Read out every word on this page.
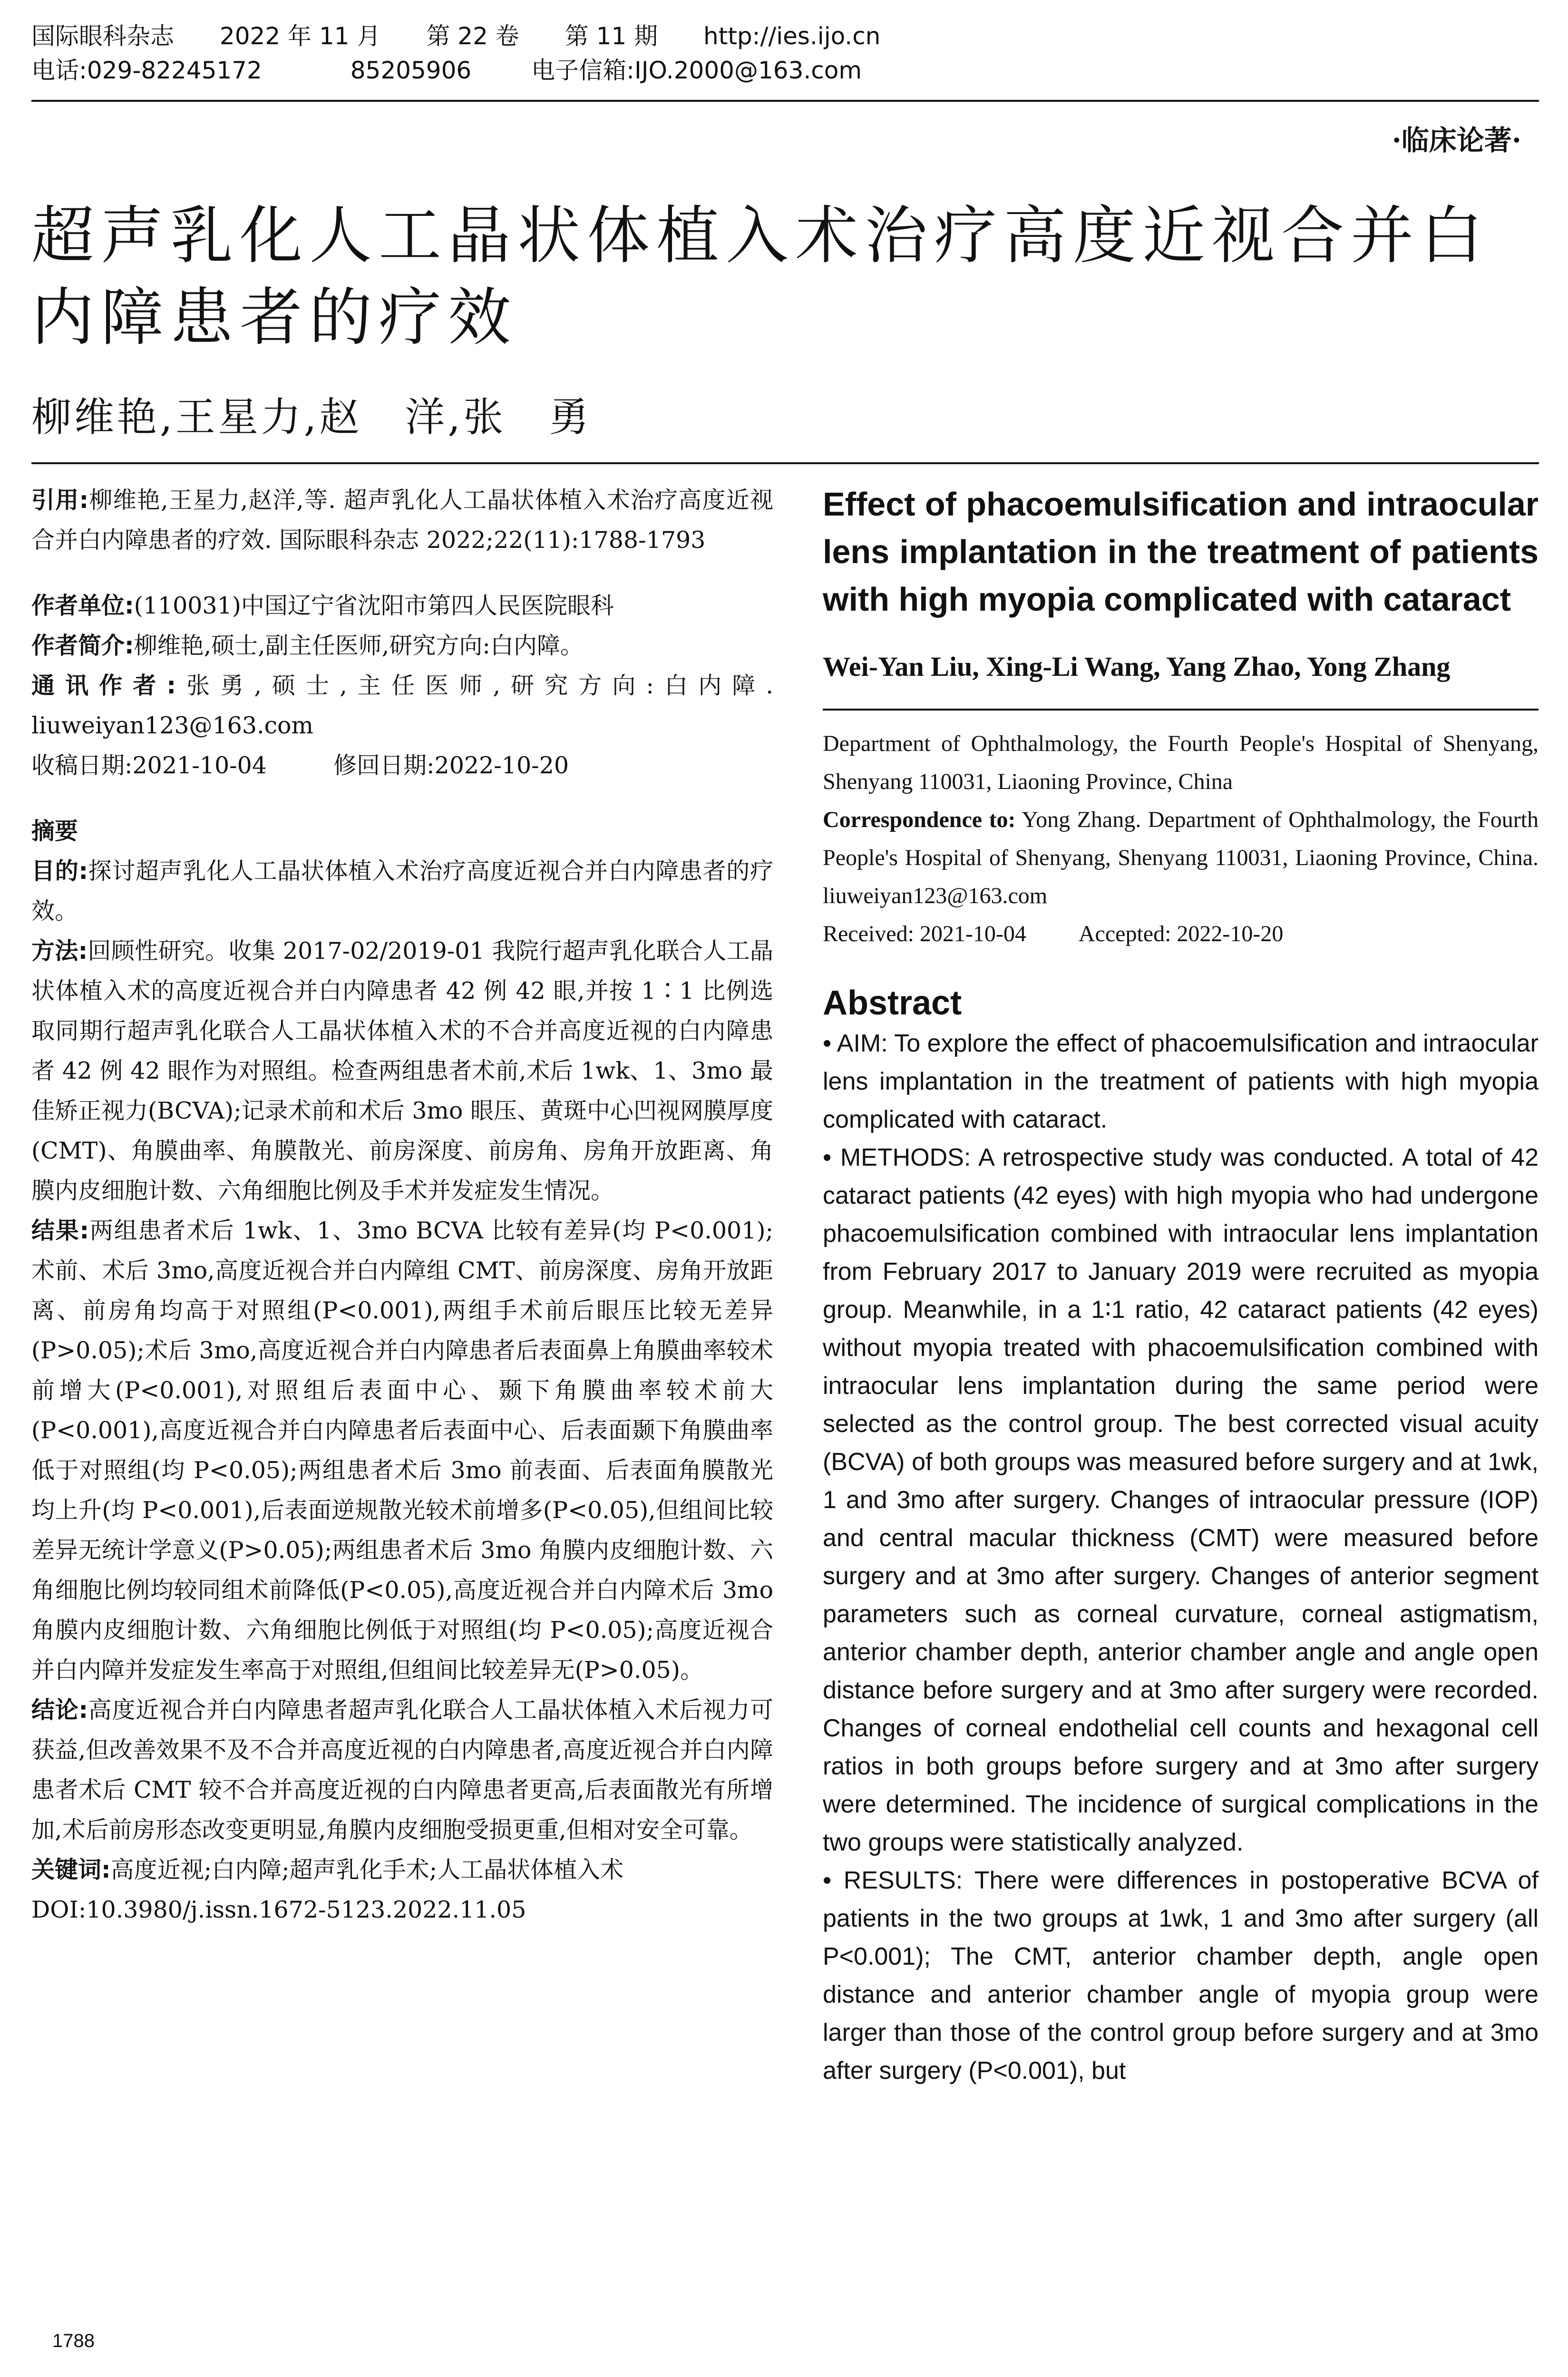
国际眼科杂志 2022 年 11 月 第 22 卷 第 11 期 http://ies.ijo.cn
电话:029-82245172	85205906	电子信箱:IJO.2000@163.com
·临床论著·
超声乳化人工晶状体植入术治疗高度近视合并白内障患者的疗效
柳维艳,王星力,赵　洋,张　勇

引用:柳维艳,王星力,赵洋,等. 超声乳化人工晶状体植入术治疗高度近视合并白内障患者的疗效. 国际眼科杂志 2022;22(11):1788-1793

作者单位:(110031)中国辽宁省沈阳市第四人民医院眼科

作者简介:柳维艳,硕士,副主任医师,研究方向:白内障。

通讯作者:张勇,硕士,主任医师,研究方向:白内障. liuweiyan123@163.com

收稿日期:2021-10-04	修回日期:2022-10-20

摘要

目的:探讨超声乳化人工晶状体植入术治疗高度近视合并白内障患者的疗效。

方法:回顾性研究。收集 2017-02/2019-01 我院行超声乳化联合人工晶状体植入术的高度近视合并白内障患者 42 例 42 眼,并按 1∶1 比例选取同期行超声乳化联合人工晶状体植入术的不合并高度近视的白内障患者 42 例 42 眼作为对照组。检查两组患者术前,术后 1wk、1、3mo 最佳矫正视力(BCVA);记录术前和术后 3mo 眼压、黄斑中心凹视网膜厚度(CMT)、角膜曲率、角膜散光、前房深度、前房角、房角开放距离、角膜内皮细胞计数、六角细胞比例及手术并发症发生情况。

结果:两组患者术后 1wk、1、3mo BCVA 比较有差异(均 P<0.001);术前、术后 3mo,高度近视合并白内障组 CMT、前房深度、房角开放距离、前房角均高于对照组(P<0.001),两组手术前后眼压比较无差异(P>0.05);术后 3mo,高度近视合并白内障患者后表面鼻上角膜曲率较术前增大(P<0.001),对照组后表面中心、颞下角膜曲率较术前大(P<0.001),高度近视合并白内障患者后表面中心、后表面颞下角膜曲率低于对照组(均 P<0.05);两组患者术后 3mo 前表面、后表面角膜散光均上升(均 P<0.001),后表面逆规散光较术前增多(P<0.05),但组间比较差异无统计学意义(P>0.05);两组患者术后 3mo 角膜内皮细胞计数、六角细胞比例均较同组术前降低(P<0.05),高度近视合并白内障术后 3mo 角膜内皮细胞计数、六角细胞比例低于对照组(均 P<0.05);高度近视合并白内障并发症发生率高于对照组,但组间比较差异无(P>0.05)。

结论:高度近视合并白内障患者超声乳化联合人工晶状体植入术后视力可获益,但改善效果不及不合并高度近视的白内障患者,高度近视合并白内障患者术后 CMT 较不合并高度近视的白内障患者更高,后表面散光有所增加,术后前房形态改变更明显,角膜内皮细胞受损更重,但相对安全可靠。

关键词:高度近视;白内障;超声乳化手术;人工晶状体植入术

DOI:10.3980/j.issn.1672-5123.2022.11.05

Effect of phacoemulsification and intraocular lens implantation in the treatment of patients with high myopia complicated with cataract

Wei-Yan Liu, Xing-Li Wang, Yang Zhao, Yong Zhang

Department of Ophthalmology, the Fourth People's Hospital of Shenyang, Shenyang 110031, Liaoning Province, China

Correspondence to: Yong Zhang. Department of Ophthalmology, the Fourth People's Hospital of Shenyang, Shenyang 110031, Liaoning Province, China. liuweiyan123@163.com

Received: 2021-10-04 Accepted: 2022-10-20

Abstract

• AIM: To explore the effect of phacoemulsification and intraocular lens implantation in the treatment of patients with high myopia complicated with cataract.

• METHODS: A retrospective study was conducted. A total of 42 cataract patients (42 eyes) with high myopia who had undergone phacoemulsification combined with intraocular lens implantation from February 2017 to January 2019 were recruited as myopia group. Meanwhile, in a 1∶1 ratio, 42 cataract patients (42 eyes) without myopia treated with phacoemulsification combined with intraocular lens implantation during the same period were selected as the control group. The best corrected visual acuity (BCVA) of both groups was measured before surgery and at 1wk, 1 and 3mo after surgery. Changes of intraocular pressure (IOP) and central macular thickness (CMT) were measured before surgery and at 3mo after surgery. Changes of anterior segment parameters such as corneal curvature, corneal astigmatism, anterior chamber depth, anterior chamber angle and angle open distance before surgery and at 3mo after surgery were recorded. Changes of corneal endothelial cell counts and hexagonal cell ratios in both groups before surgery and at 3mo after surgery were determined. The incidence of surgical complications in the two groups were statistically analyzed.

• RESULTS: There were differences in postoperative BCVA of patients in the two groups at 1wk, 1 and 3mo after surgery (all P<0.001); The CMT, anterior chamber depth, angle open distance and anterior chamber angle of myopia group were larger than those of the control group before surgery and at 3mo after surgery (P<0.001), but

1788
